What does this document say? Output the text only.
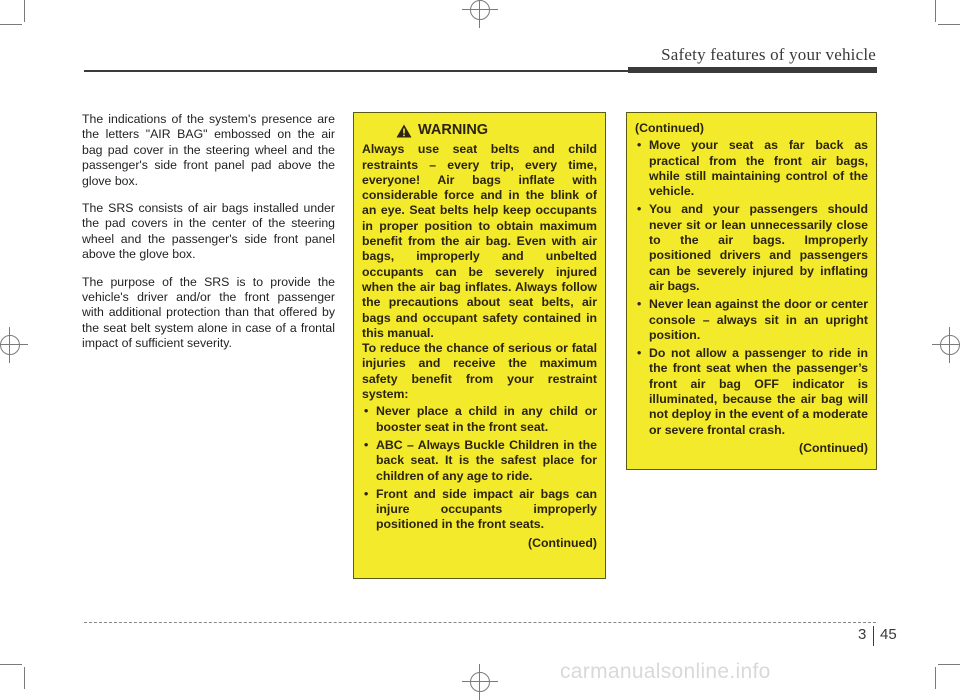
Safety features of your vehicle

The indications of the system's presence are the letters "AIR BAG" embossed on the air bag pad cover in the steering wheel and the passenger's side front panel pad above the glove box.

The SRS consists of air bags installed under the pad covers in the center of the steering wheel and the passenger's side front panel above the glove box.

The purpose of the SRS is to provide the vehicle's driver and/or the front passenger with additional protection than that offered by the seat belt system alone in case of a frontal impact of sufficient severity.

WARNING

Always use seat belts and child restraints – every trip, every time, everyone! Air bags inflate with considerable force and in the blink of an eye. Seat belts help keep occupants in proper position to obtain maximum benefit from the air bag. Even with air bags, improperly and unbelted occupants can be severely injured when the air bag inflates. Always follow the precautions about seat belts, air bags and occupant safety contained in this manual.

To reduce the chance of serious or fatal injuries and receive the maximum safety benefit from your restraint system:

• Never place a child in any child or booster seat in the front seat.
• ABC – Always Buckle Children in the back seat. It is the safest place for children of any age to ride.
• Front and side impact air bags can injure occupants improperly positioned in the front seats.
(Continued)

(Continued)

• Move your seat as far back as practical from the front air bags, while still maintaining control of the vehicle.
• You and your passengers should never sit or lean unnecessarily close to the air bags. Improperly positioned drivers and passengers can be severely injured by inflating air bags.
• Never lean against the door or center console – always sit in an upright position.
• Do not allow a passenger to ride in the front seat when the passenger’s front air bag OFF indicator is illuminated, because the air bag will not deploy in the event of a moderate or severe frontal crash.
(Continued)
3 45
carmanualsonline.info
